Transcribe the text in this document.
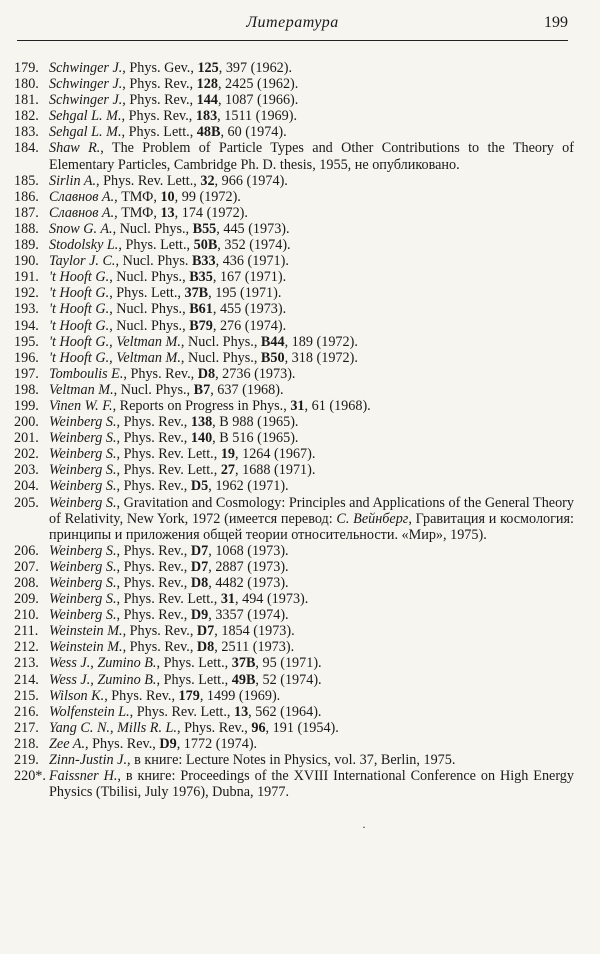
Литература	199
179. Schwinger J., Phys. Gev., 125, 397 (1962).
180. Schwinger J., Phys. Rev., 128, 2425 (1962).
181. Schwinger J., Phys. Rev., 144, 1087 (1966).
182. Sehgal L. M., Phys. Rev., 183, 1511 (1969).
183. Sehgal L. M., Phys. Lett., 48B, 60 (1974).
184. Shaw R., The Problem of Particle Types and Other Contributions to the Theory of Elementary Particles, Cambridge Ph. D. thesis, 1955, не опубликовано.
185. Sirlin A., Phys. Rev. Lett., 32, 966 (1974).
186. Славнов А., ТМФ, 10, 99 (1972).
187. Славнов А., ТМФ, 13, 174 (1972).
188. Snow G. A., Nucl. Phys., B55, 445 (1973).
189. Stodolsky L., Phys. Lett., 50B, 352 (1974).
190. Taylor J. C., Nucl. Phys. B33, 436 (1971).
191. 't Hooft G., Nucl. Phys., B35, 167 (1971).
192. 't Hooft G., Phys. Lett., 37B, 195 (1971).
193. 't Hooft G., Nucl. Phys., B61, 455 (1973).
194. 't Hooft G., Nucl. Phys., B79, 276 (1974).
195. 't Hooft G., Veltman M., Nucl. Phys., B44, 189 (1972).
196. 't Hooft G., Veltman M., Nucl. Phys., B50, 318 (1972).
197. Tomboulis E., Phys. Rev., D8, 2736 (1973).
198. Veltman M., Nucl. Phys., B7, 637 (1968).
199. Vinen W. F., Reports on Progress in Phys., 31, 61 (1968).
200. Weinberg S., Phys. Rev., 138, B 988 (1965).
201. Weinberg S., Phys. Rev., 140, B 516 (1965).
202. Weinberg S., Phys. Rev. Lett., 19, 1264 (1967).
203. Weinberg S., Phys. Rev. Lett., 27, 1688 (1971).
204. Weinberg S., Phys. Rev., D5, 1962 (1971).
205. Weinberg S., Gravitation and Cosmology: Principles and Applications of the General Theory of Relativity, New York, 1972 (имеется перевод: С. Вейнберг, Гравитация и космология: принципы и приложения общей теории относительности. «Мир», 1975).
206. Weinberg S., Phys. Rev., D7, 1068 (1973).
207. Weinberg S., Phys. Rev., D7, 2887 (1973).
208. Weinberg S., Phys. Rev., D8, 4482 (1973).
209. Weinberg S., Phys. Rev. Lett., 31, 494 (1973).
210. Weinberg S., Phys. Rev., D9, 3357 (1974).
211. Weinstein M., Phys. Rev., D7, 1854 (1973).
212. Weinstein M., Phys. Rev., D8, 2511 (1973).
213. Wess J., Zumino B., Phys. Lett., 37B, 95 (1971).
214. Wess J., Zumino B., Phys. Lett., 49B, 52 (1974).
215. Wilson K., Phys. Rev., 179, 1499 (1969).
216. Wolfenstein L., Phys. Rev. Lett., 13, 562 (1964).
217. Yang C. N., Mills R. L., Phys. Rev., 96, 191 (1954).
218. Zee A., Phys. Rev., D9, 1772 (1974).
219. Zinn-Justin J., в книге: Lecture Notes in Physics, vol. 37, Berlin, 1975.
220*. Faissner H., в книге: Proceedings of the XVIII International Conference on High Energy Physics (Tbilisi, July 1976), Dubna, 1977.
·
